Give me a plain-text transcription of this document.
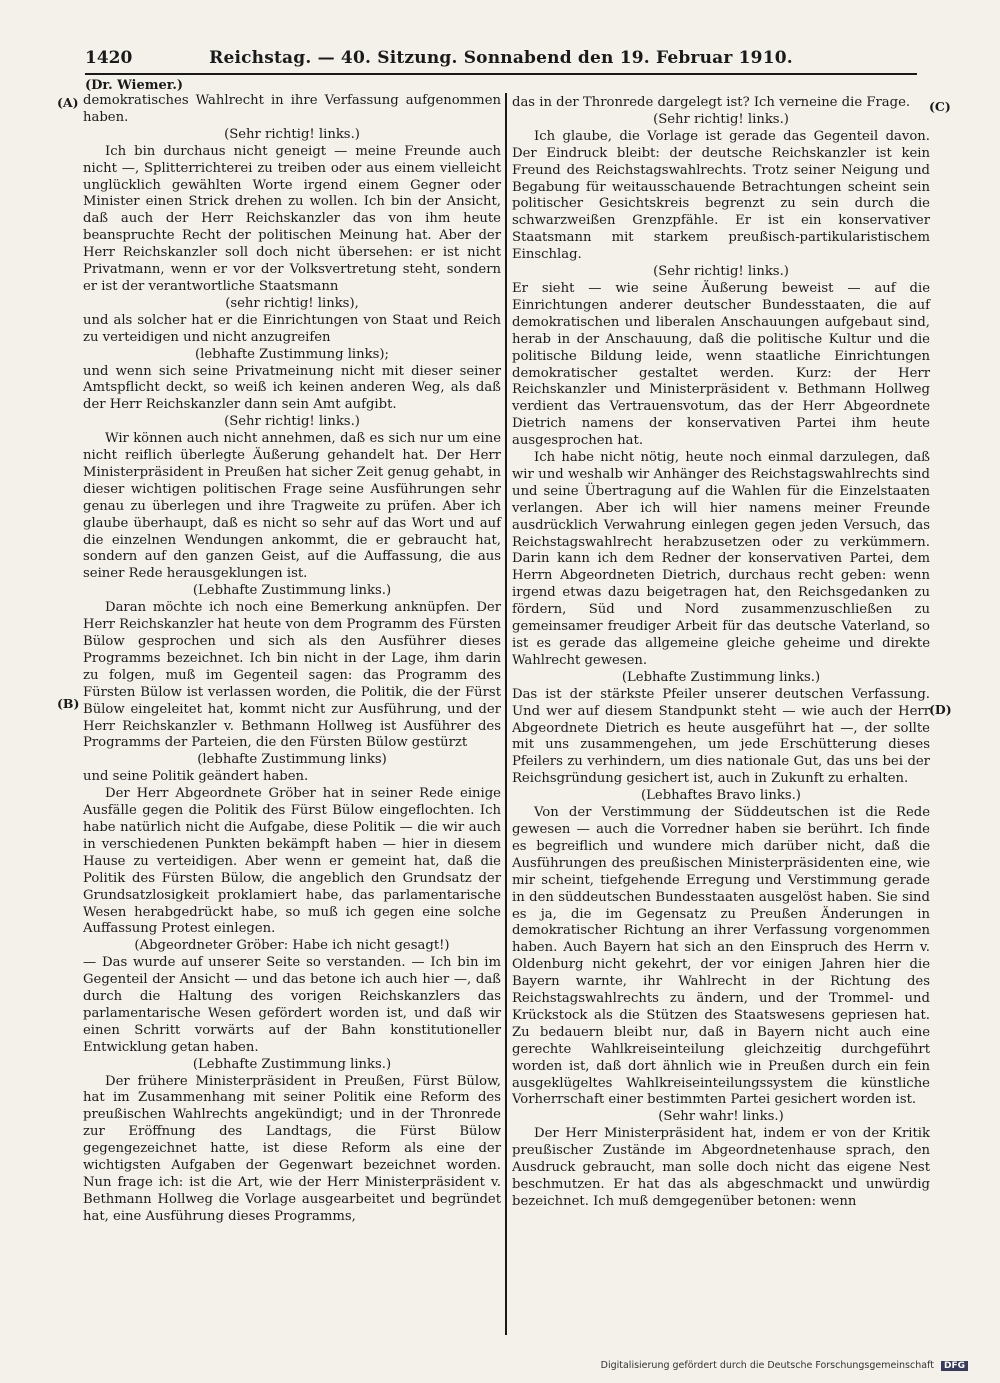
1420	Reichstag. — 40. Sitzung. Sonnabend den 19. Februar 1910.
(Dr. Wiemer.)
(A)
(B)
(C)
(D)

demokratisches Wahlrecht in ihre Verfassung aufgenommen haben.

(Sehr richtig! links.)

Ich bin durchaus nicht geneigt — meine Freunde auch nicht —, Splitterrichterei zu treiben oder aus einem vielleicht unglücklich gewählten Worte irgend einem Gegner oder Minister einen Strick drehen zu wollen. Ich bin der Ansicht, daß auch der Herr Reichskanzler das von ihm heute beanspruchte Recht der politischen Meinung hat. Aber der Herr Reichskanzler soll doch nicht übersehen: er ist nicht Privatmann, wenn er vor der Volksvertretung steht, sondern er ist der verantwortliche Staatsmann

(sehr richtig! links),

und als solcher hat er die Einrichtungen von Staat und Reich zu verteidigen und nicht anzugreifen

(lebhafte Zustimmung links);

und wenn sich seine Privatmeinung nicht mit dieser seiner Amtspflicht deckt, so weiß ich keinen anderen Weg, als daß der Herr Reichskanzler dann sein Amt aufgibt.

(Sehr richtig! links.)

Wir können auch nicht annehmen, daß es sich nur um eine nicht reiflich überlegte Äußerung gehandelt hat. Der Herr Ministerpräsident in Preußen hat sicher Zeit genug gehabt, in dieser wichtigen politischen Frage seine Ausführungen sehr genau zu überlegen und ihre Tragweite zu prüfen. Aber ich glaube überhaupt, daß es nicht so sehr auf das Wort und auf die einzelnen Wendungen ankommt, die er gebraucht hat, sondern auf den ganzen Geist, auf die Auffassung, die aus seiner Rede herausgeklungen ist.

(Lebhafte Zustimmung links.)

Daran möchte ich noch eine Bemerkung anknüpfen. Der Herr Reichskanzler hat heute von dem Programm des Fürsten Bülow gesprochen und sich als den Ausführer dieses Programms bezeichnet. Ich bin nicht in der Lage, ihm darin zu folgen, muß im Gegenteil sagen: das Programm des Fürsten Bülow ist verlassen worden, die Politik, die der Fürst Bülow eingeleitet hat, kommt nicht zur Ausführung, und der Herr Reichskanzler v. Bethmann Hollweg ist Ausführer des Programms der Parteien, die den Fürsten Bülow gestürzt

(lebhafte Zustimmung links)

und seine Politik geändert haben.

Der Herr Abgeordnete Gröber hat in seiner Rede einige Ausfälle gegen die Politik des Fürst Bülow eingeflochten. Ich habe natürlich nicht die Aufgabe, diese Politik — die wir auch in verschiedenen Punkten bekämpft haben — hier in diesem Hause zu verteidigen. Aber wenn er gemeint hat, daß die Politik des Fürsten Bülow, die angeblich den Grundsatz der Grundsatzlosigkeit proklamiert habe, das parlamentarische Wesen herabgedrückt habe, so muß ich gegen eine solche Auffassung Protest einlegen.

(Abgeordneter Gröber: Habe ich nicht gesagt!)

— Das wurde auf unserer Seite so verstanden. — Ich bin im Gegenteil der Ansicht — und das betone ich auch hier —, daß durch die Haltung des vorigen Reichskanzlers das parlamentarische Wesen gefördert worden ist, und daß wir einen Schritt vorwärts auf der Bahn konstitutioneller Entwicklung getan haben.

(Lebhafte Zustimmung links.)

Der frühere Ministerpräsident in Preußen, Fürst Bülow, hat im Zusammenhang mit seiner Politik eine Reform des preußischen Wahlrechts angekündigt; und in der Thronrede zur Eröffnung des Landtags, die Fürst Bülow gegengezeichnet hatte, ist diese Reform als eine der wichtigsten Aufgaben der Gegenwart bezeichnet worden. Nun frage ich: ist die Art, wie der Herr Ministerpräsident v. Bethmann Hollweg die Vorlage ausgearbeitet und begründet hat, eine Ausführung dieses Programms,

das in der Thronrede dargelegt ist? Ich verneine die Frage.

(Sehr richtig! links.)

Ich glaube, die Vorlage ist gerade das Gegenteil davon. Der Eindruck bleibt: der deutsche Reichskanzler ist kein Freund des Reichstagswahlrechts. Trotz seiner Neigung und Begabung für weitausschauende Betrachtungen scheint sein politischer Gesichtskreis begrenzt zu sein durch die schwarzweißen Grenzpfähle. Er ist ein konservativer Staatsmann mit starkem preußisch-partikularistischem Einschlag.

(Sehr richtig! links.)

Er sieht — wie seine Äußerung beweist — auf die Einrichtungen anderer deutscher Bundesstaaten, die auf demokratischen und liberalen Anschauungen aufgebaut sind, herab in der Anschauung, daß die politische Kultur und die politische Bildung leide, wenn staatliche Einrichtungen demokratischer gestaltet werden. Kurz: der Herr Reichskanzler und Ministerpräsident v. Bethmann Hollweg verdient das Vertrauensvotum, das der Herr Abgeordnete Dietrich namens der konservativen Partei ihm heute ausgesprochen hat.

Ich habe nicht nötig, heute noch einmal darzulegen, daß wir und weshalb wir Anhänger des Reichstagswahlrechts sind und seine Übertragung auf die Wahlen für die Einzelstaaten verlangen. Aber ich will hier namens meiner Freunde ausdrücklich Verwahrung einlegen gegen jeden Versuch, das Reichstagswahlrecht herabzusetzen oder zu verkümmern. Darin kann ich dem Redner der konservativen Partei, dem Herrn Abgeordneten Dietrich, durchaus recht geben: wenn irgend etwas dazu beigetragen hat, den Reichsgedanken zu fördern, Süd und Nord zusammenzuschließen zu gemeinsamer freudiger Arbeit für das deutsche Vaterland, so ist es gerade das allgemeine gleiche geheime und direkte Wahlrecht gewesen.

(Lebhafte Zustimmung links.)

Das ist der stärkste Pfeiler unserer deutschen Verfassung. Und wer auf diesem Standpunkt steht — wie auch der Herr Abgeordnete Dietrich es heute ausgeführt hat —, der sollte mit uns zusammengehen, um jede Erschütterung dieses Pfeilers zu verhindern, um dies nationale Gut, das uns bei der Reichsgründung gesichert ist, auch in Zukunft zu erhalten.

(Lebhaftes Bravo links.)

Von der Verstimmung der Süddeutschen ist die Rede gewesen — auch die Vorredner haben sie berührt. Ich finde es begreiflich und wundere mich darüber nicht, daß die Ausführungen des preußischen Ministerpräsidenten eine, wie mir scheint, tiefgehende Erregung und Verstimmung gerade in den süddeutschen Bundesstaaten ausgelöst haben. Sie sind es ja, die im Gegensatz zu Preußen Änderungen in demokratischer Richtung an ihrer Verfassung vorgenommen haben. Auch Bayern hat sich an den Einspruch des Herrn v. Oldenburg nicht gekehrt, der vor einigen Jahren hier die Bayern warnte, ihr Wahlrecht in der Richtung des Reichstagswahlrechts zu ändern, und der Trommel- und Krückstock als die Stützen des Staatswesens gepriesen hat. Zu bedauern bleibt nur, daß in Bayern nicht auch eine gerechte Wahlkreiseinteilung gleichzeitig durchgeführt worden ist, daß dort ähnlich wie in Preußen durch ein fein ausgeklügeltes Wahlkreiseinteilungssystem die künstliche Vorherrschaft einer bestimmten Partei gesichert worden ist.

(Sehr wahr! links.)

Der Herr Ministerpräsident hat, indem er von der Kritik preußischer Zustände im Abgeordnetenhause sprach, den Ausdruck gebraucht, man solle doch nicht das eigene Nest beschmutzen. Er hat das als abgeschmackt und unwürdig bezeichnet. Ich muß demgegenüber betonen: wenn

Digitalisierung gefördert durch die Deutsche Forschungsgemeinschaft DFG
